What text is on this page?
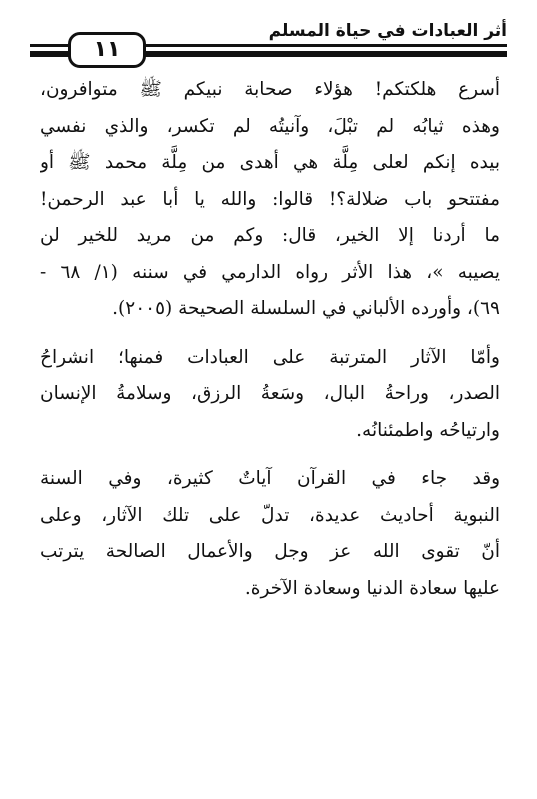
أثر العبادات في حياة المسلم
١١
أسرع هلكتكم! هؤلاء صحابة نبيكم ﷺ متوافرون،
وهذه ثيابُه لم تبْلَ، وآنيتُه لم تكسر، والذي نفسي
بيده إنكم لعلى مِلَّة هي أهدى من مِلَّة محمد ﷺ أو
مفتتحو باب ضلالة؟! قالوا: والله يا أبا عبد الرحمن!
ما أردنا إلا الخير، قال: وكم من مريد للخير لن
يصيبه »، هذا الأثر رواه الدارمي في سننه (١/ ٦٨ -
٦٩)، وأورده الألباني في السلسلة الصحيحة (٢٠٠٥).
وأمّا الآثار المترتبة على العبادات فمنها؛ انشراحُ
الصدر، وراحةُ البال، وسَعةُ الرزق، وسلامةُ الإنسان
وارتياحُه واطمئنانُه.
وقد جاء في القرآن آياتٌ كثيرة، وفي السنة
النبوية أحاديث عديدة، تدلّ على تلك الآثار، وعلى
أنّ تقوى الله عز وجل والأعمال الصالحة يترتب
عليها سعادة الدنيا وسعادة الآخرة.
